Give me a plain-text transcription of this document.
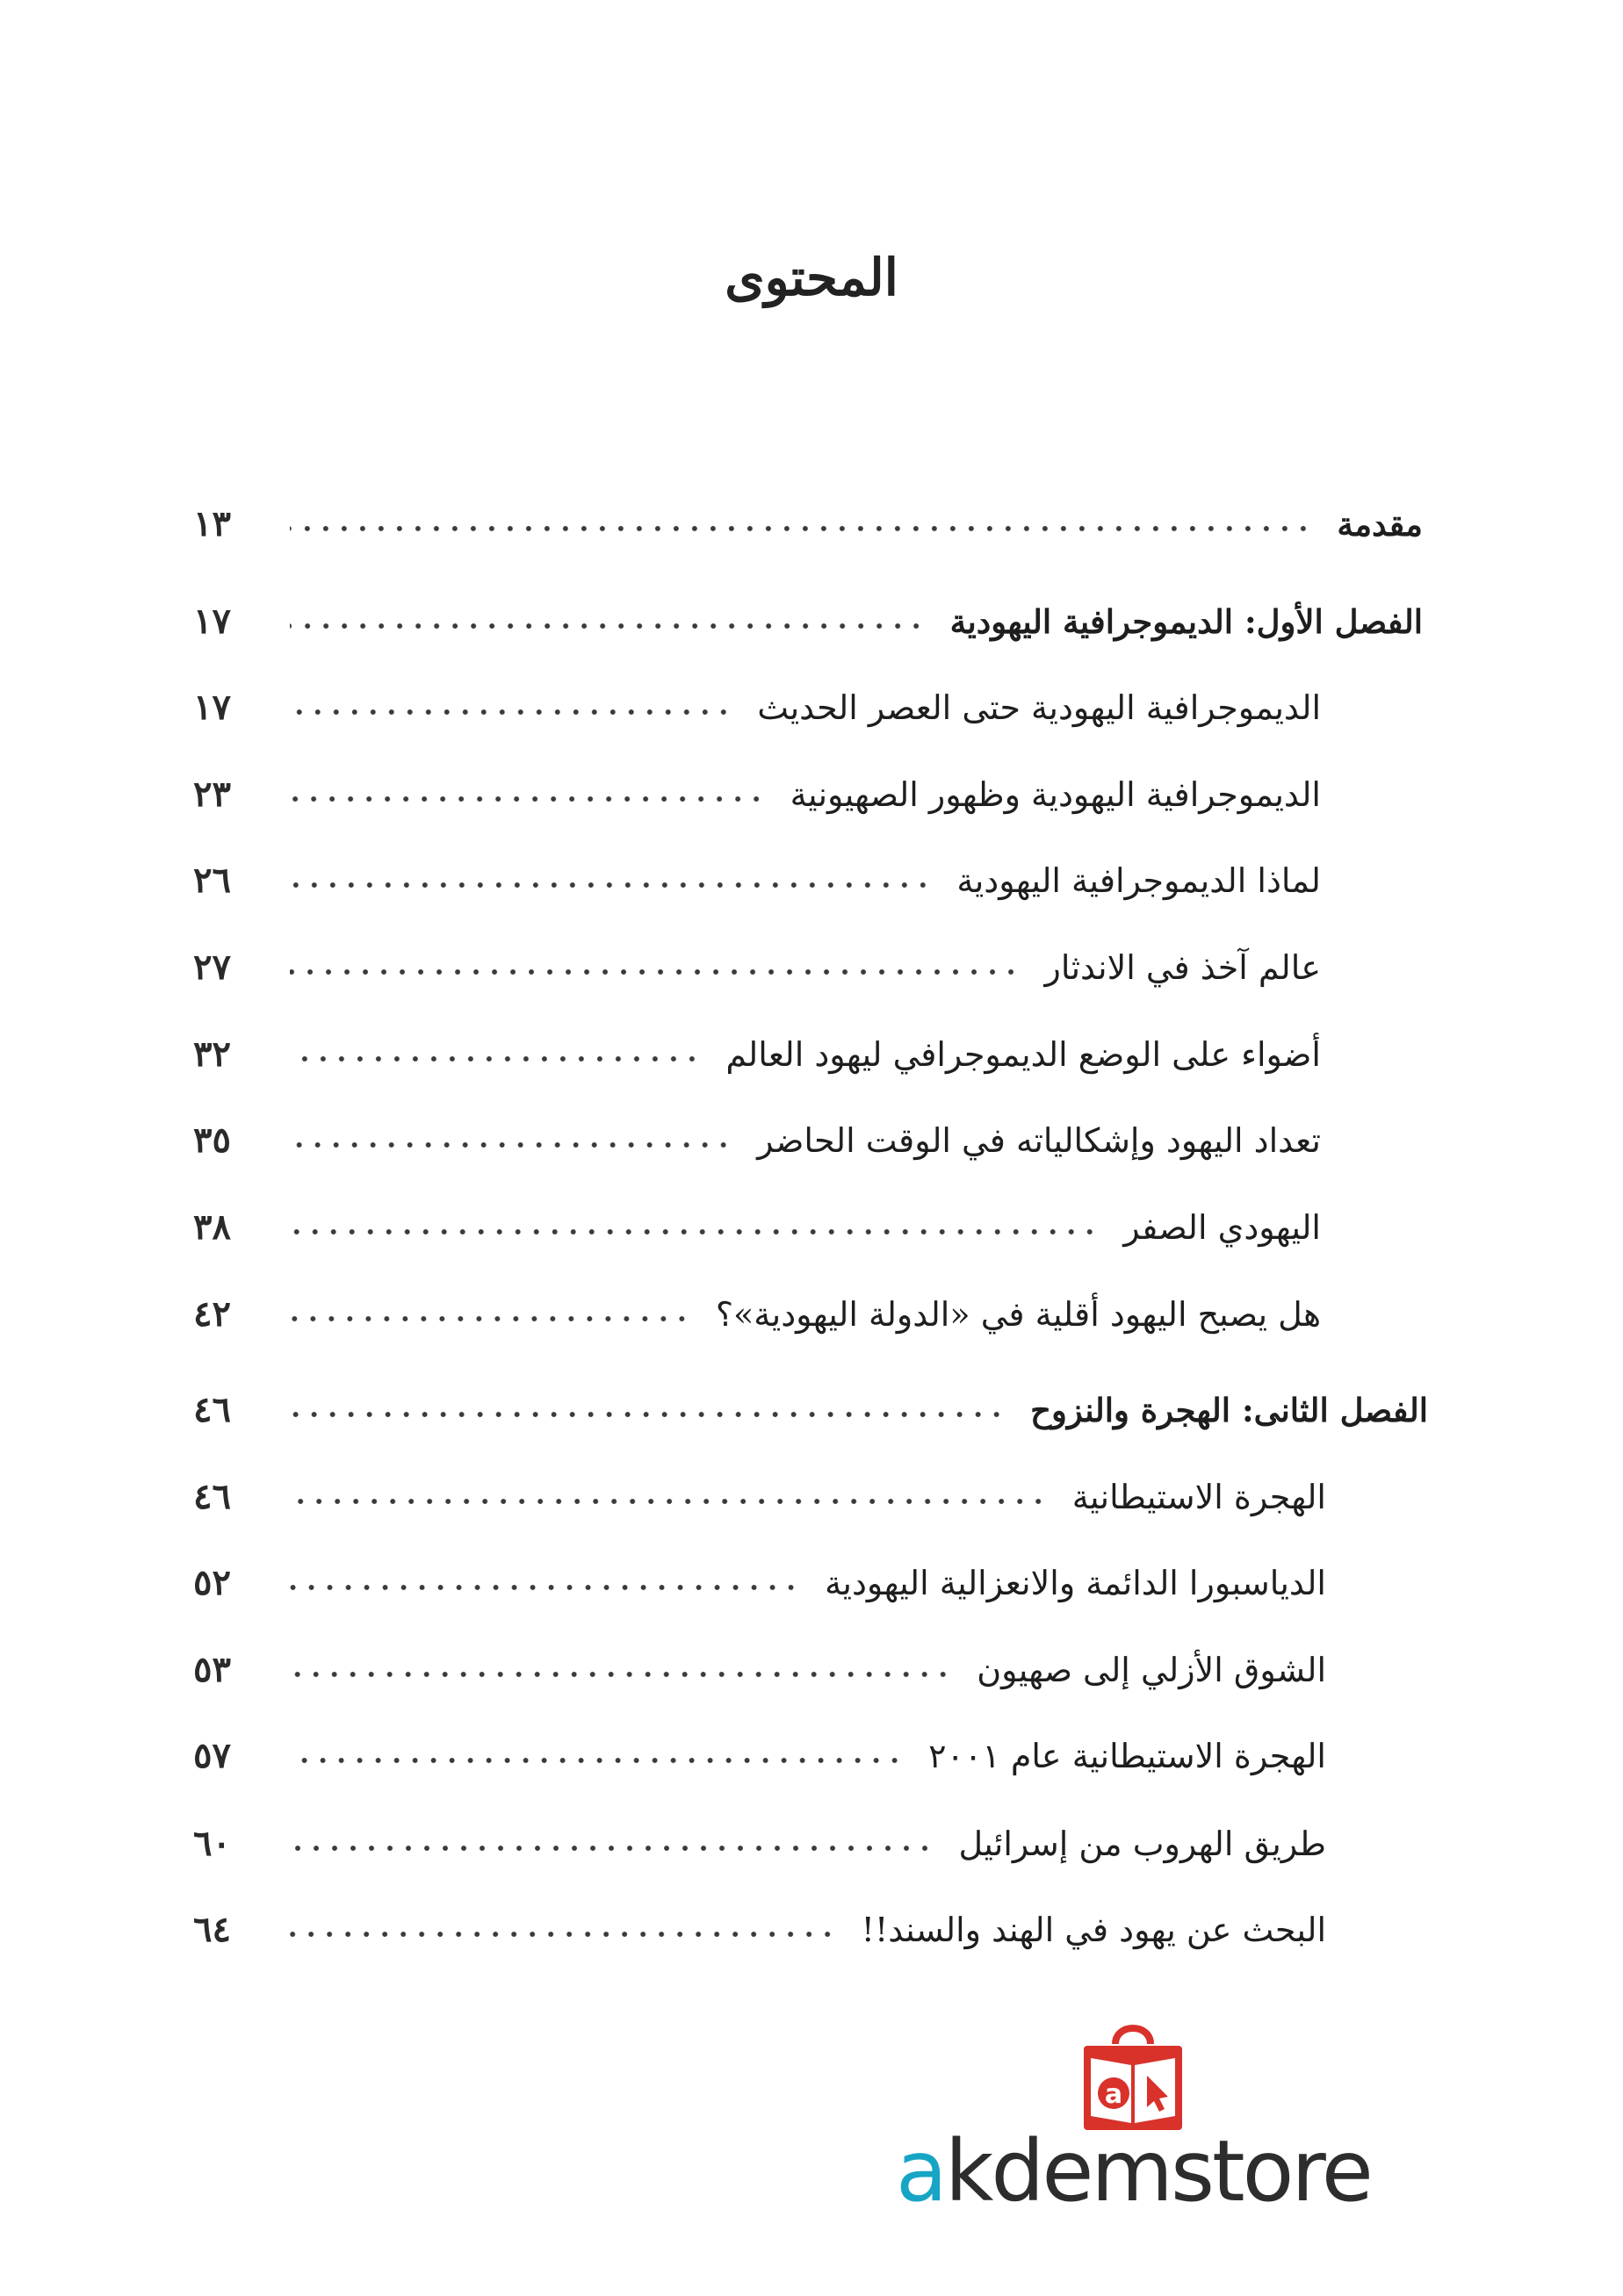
المحتوى
مقدمة
١٣
الفصل الأول: الديموجرافية اليهودية
١٧
الديموجرافية اليهودية حتى العصر الحديث
١٧
الديموجرافية اليهودية وظهور الصهيونية
٢٣
لماذا الديموجرافية اليهودية
٢٦
عالم آخذ في الاندثار
٢٧
أضواء على الوضع الديموجرافي ليهود العالم
٣٢
تعداد اليهود وإشكالياته في الوقت الحاضر
٣٥
اليهودي الصفر
٣٨
هل يصبح اليهود أقلية في «الدولة اليهودية»؟
٤٢
الفصل الثانى: الهجرة والنزوح
٤٦
الهجرة الاستيطانية
٤٦
الدياسبورا الدائمة والانعزالية اليهودية
٥٢
الشوق الأزلي إلى صهيون
٥٣
الهجرة الاستيطانية عام ٢٠٠١
٥٧
طريق الهروب من إسرائيل
٦٠
البحث عن يهود في الهند والسند!!
٦٤
a
akdemstore
